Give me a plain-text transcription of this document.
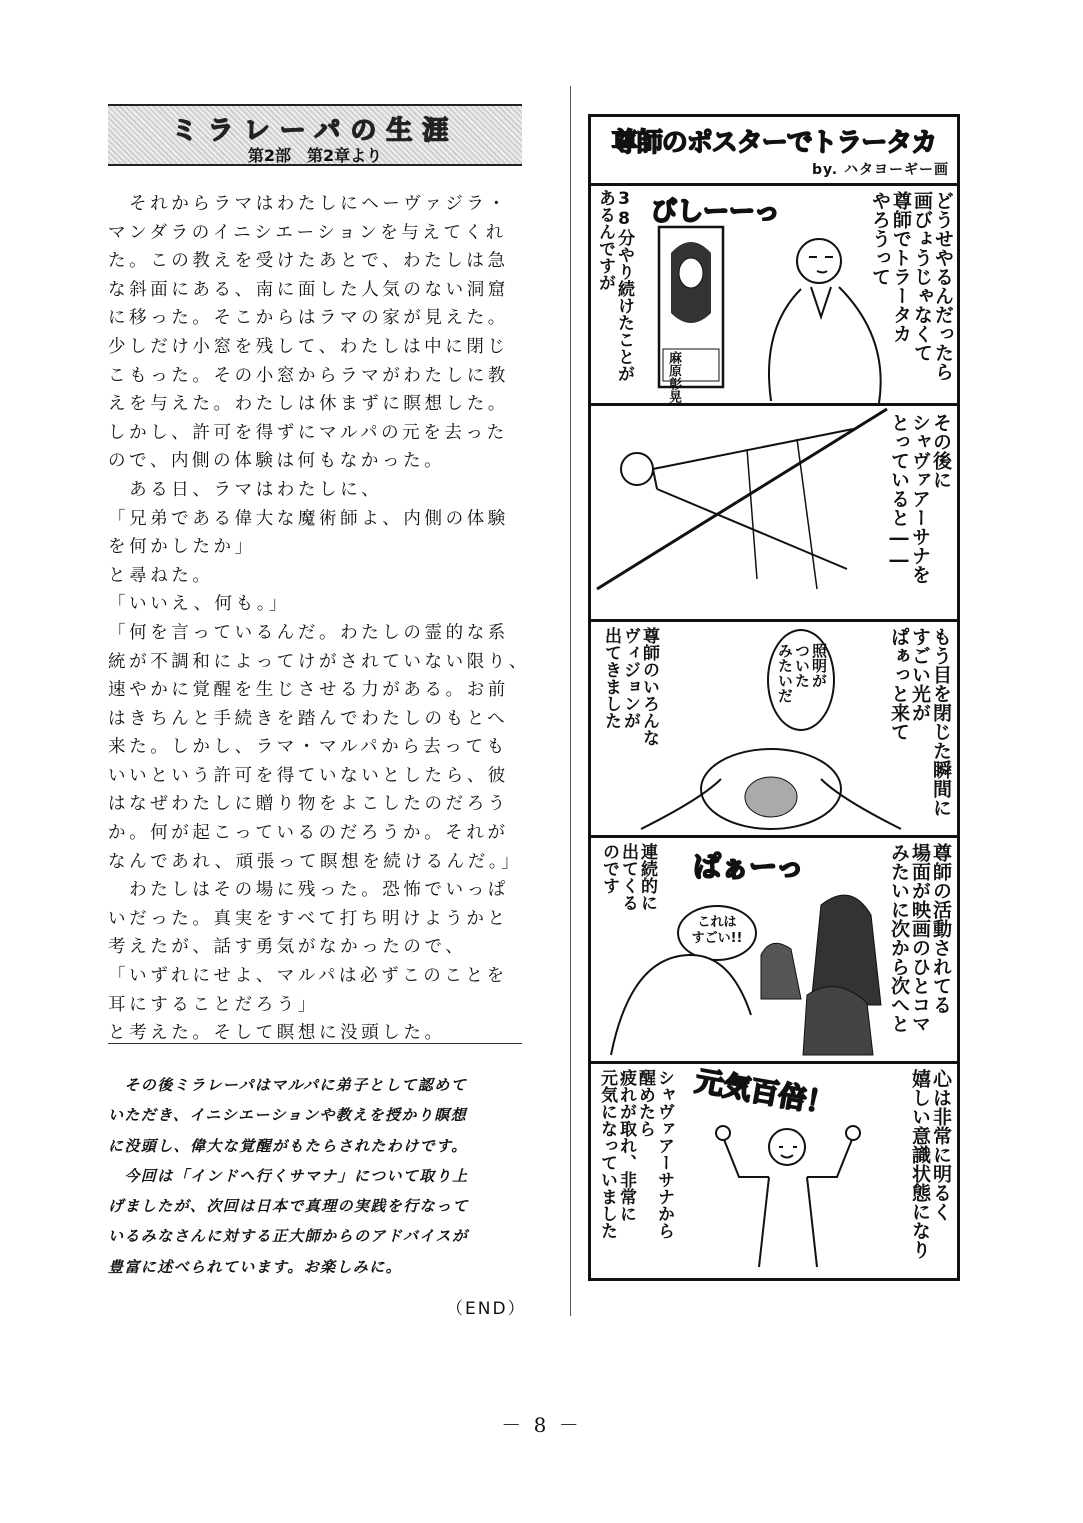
ミラレーパの生涯
第2部　第2章より

　それからラマはわたしにヘーヴァジラ・

マンダラのイニシエーションを与えてくれ

た。この教えを受けたあとで、わたしは急

な斜面にある、南に面した人気のない洞窟

に移った。そこからはラマの家が見えた。

少しだけ小窓を残して、わたしは中に閉じ

こもった。その小窓からラマがわたしに教

えを与えた。わたしは休まずに瞑想した。

しかし、許可を得ずにマルパの元を去った

ので、内側の体験は何もなかった。

　ある日、ラマはわたしに、

「兄弟である偉大な魔術師よ、内側の体験

を何かしたか」

と尋ねた。

「いいえ、何も。」

「何を言っているんだ。わたしの霊的な系

統が不調和によってけがされていない限り、

速やかに覚醒を生じさせる力がある。お前

はきちんと手続きを踏んでわたしのもとへ

来た。しかし、ラマ・マルパから去っても

いいという許可を得ていないとしたら、彼

はなぜわたしに贈り物をよこしたのだろう

か。何が起こっているのだろうか。それが

なんであれ、頑張って瞑想を続けるんだ。」

　わたしはその場に残った。恐怖でいっぱ

いだった。真実をすべて打ち明けようかと

考えたが、話す勇気がなかったので、

「いずれにせよ、マルパは必ずこのことを

耳にすることだろう」

と考えた。そして瞑想に没頭した。

　その後ミラレーパはマルパに弟子として認めて

いただき、イニシエーションや教えを授かり瞑想

に没頭し、偉大な覚醒がもたらされたわけです。

　今回は「インドへ行くサマナ」について取り上

げましたが、次回は日本で真理の実践を行なって

いるみなさんに対する正大師からのアドバイスが

豊富に述べられています。お楽しみに。

（END）
尊師のポスターでトラータカ
by. ハタヨーギー画
どうせやるんだったら
画びょうじゃなくて
尊師でトラータカ
やろうって
38分やり続けたことが
あるんですが	びしーーっ
麻原彰晃
その後に
シャヴァアーサナを
とっていると――
もう目を閉じた瞬間に
すごい光が
ぱぁっと来て
照明が
ついた
みたいだ
尊師のいろんな
ヴィジョンが
出てきました
尊師の活動されてる
場面が映画のひとコマ
みたいに次から次へと
ぱぁーっ
これは
すごい!!
連続的に
出てくる
のです
心は非常に明るく
嬉しい意識状態になり
元気百倍！
シャヴァアーサナから
醒めたら
疲れが取れ、非常に
元気になっていました
－ 8 －
